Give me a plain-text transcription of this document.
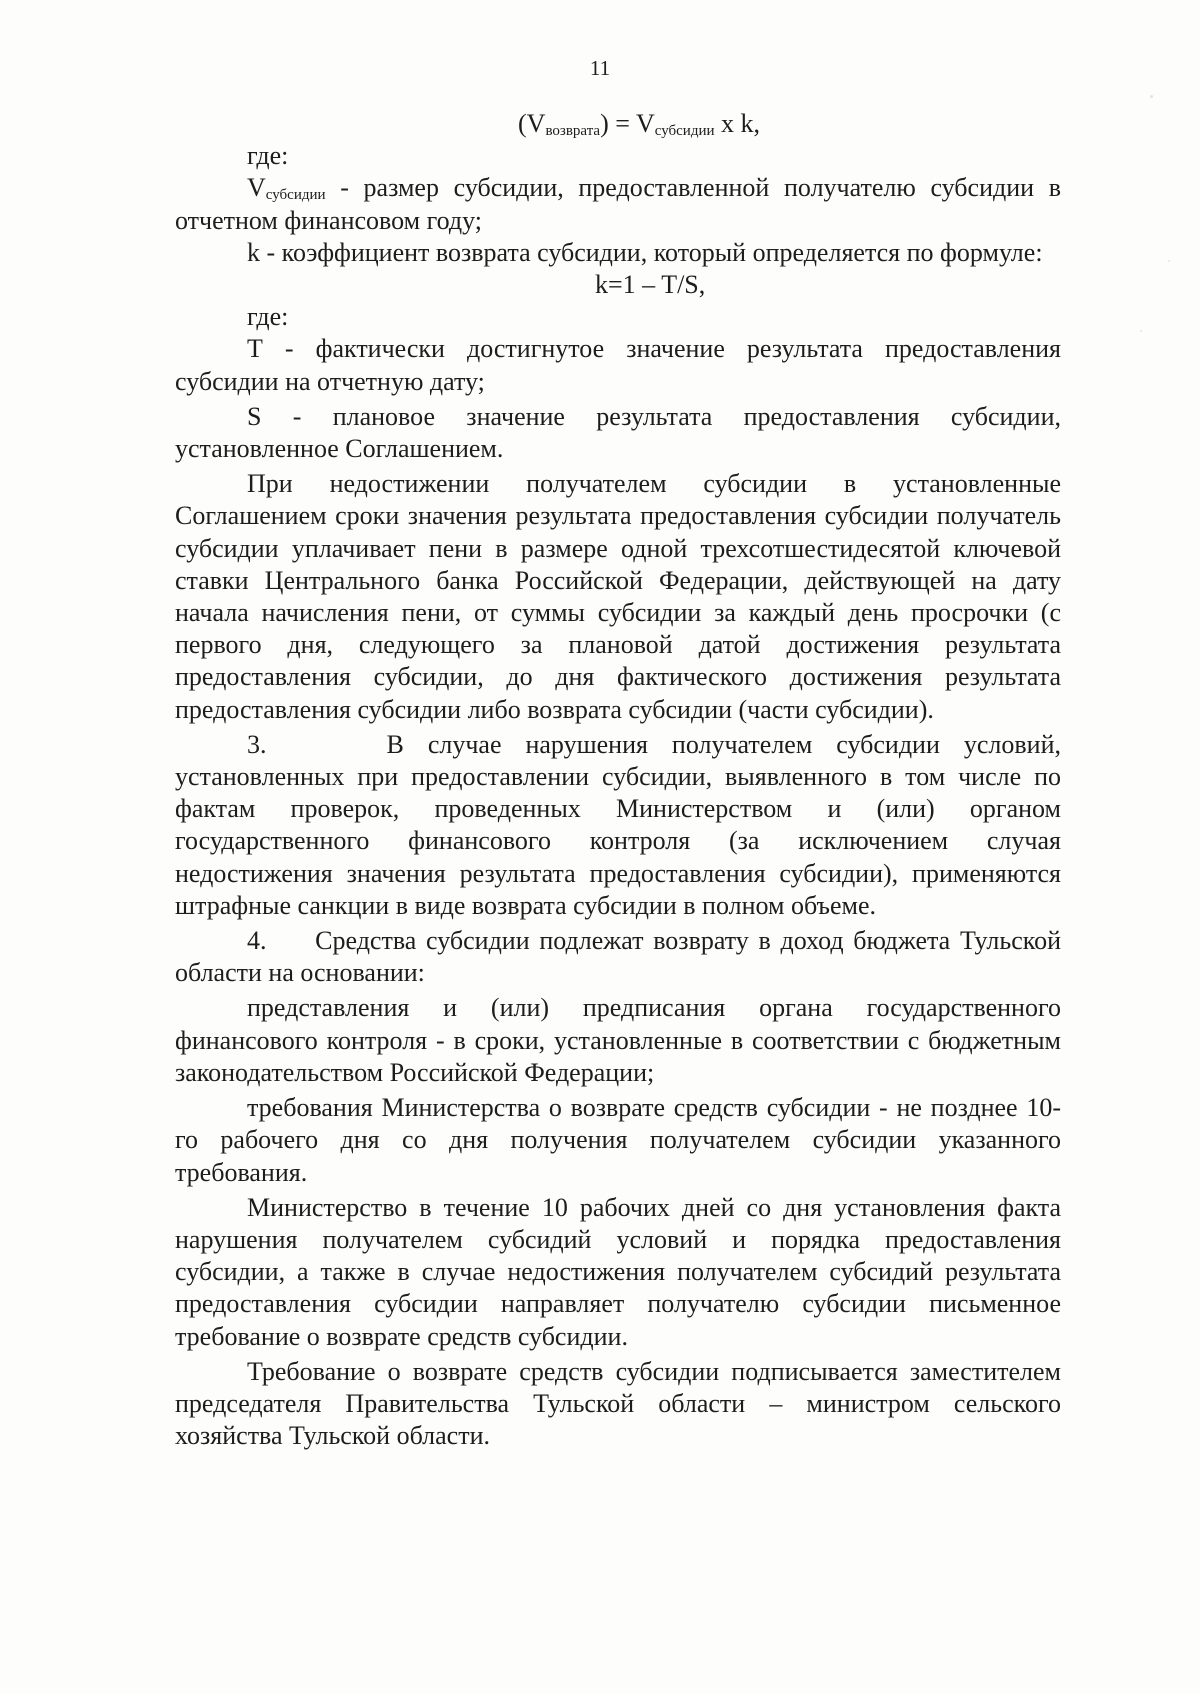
11

$(V_{возврата}) = V_{субсидии}$ x k,

где:

$V_{субсидии}$ - размер субсидии, предоставленной получателю субсидии в отчетном финансовом году;

k - коэффициент возврата субсидии, который определяется по формуле:

k=1 – T/S,

где:

Т - фактически достигнутое значение результата предоставления субсидии на отчетную дату;

S - плановое значение результата предоставления субсидии, установленное Соглашением.

При недостижении получателем субсидии в установленные Соглашением сроки значения результата предоставления субсидии получатель субсидии уплачивает пени в размере одной трехсотшестидесятой ключевой ставки Центрального банка Российской Федерации, действующей на дату начала начисления пени, от суммы субсидии за каждый день просрочки (с первого дня, следующего за плановой датой достижения результата предоставления субсидии, до дня фактического достижения результата предоставления субсидии либо возврата субсидии (части субсидии).

3.     В случае нарушения получателем субсидии условий, установленных при предоставлении субсидии, выявленного в том числе по фактам проверок, проведенных Министерством и (или) органом государственного финансового контроля (за исключением случая недостижения значения результата предоставления субсидии), применяются штрафные санкции в виде возврата субсидии в полном объеме.

4.     Средства субсидии подлежат возврату в доход бюджета Тульской области на основании:

представления и (или) предписания органа государственного финансового контроля - в сроки, установленные в соответствии с бюджетным законодательством Российской Федерации;

требования Министерства о возврате средств субсидии - не позднее 10-го рабочего дня со дня получения получателем субсидии указанного требования.

Министерство в течение 10 рабочих дней со дня установления факта нарушения получателем субсидий условий и порядка предоставления субсидии, а также в случае недостижения получателем субсидий результата предоставления субсидии направляет получателю субсидии письменное требование о возврате средств субсидии.

Требование о возврате средств субсидии подписывается заместителем председателя Правительства Тульской области – министром сельского хозяйства Тульской области.
